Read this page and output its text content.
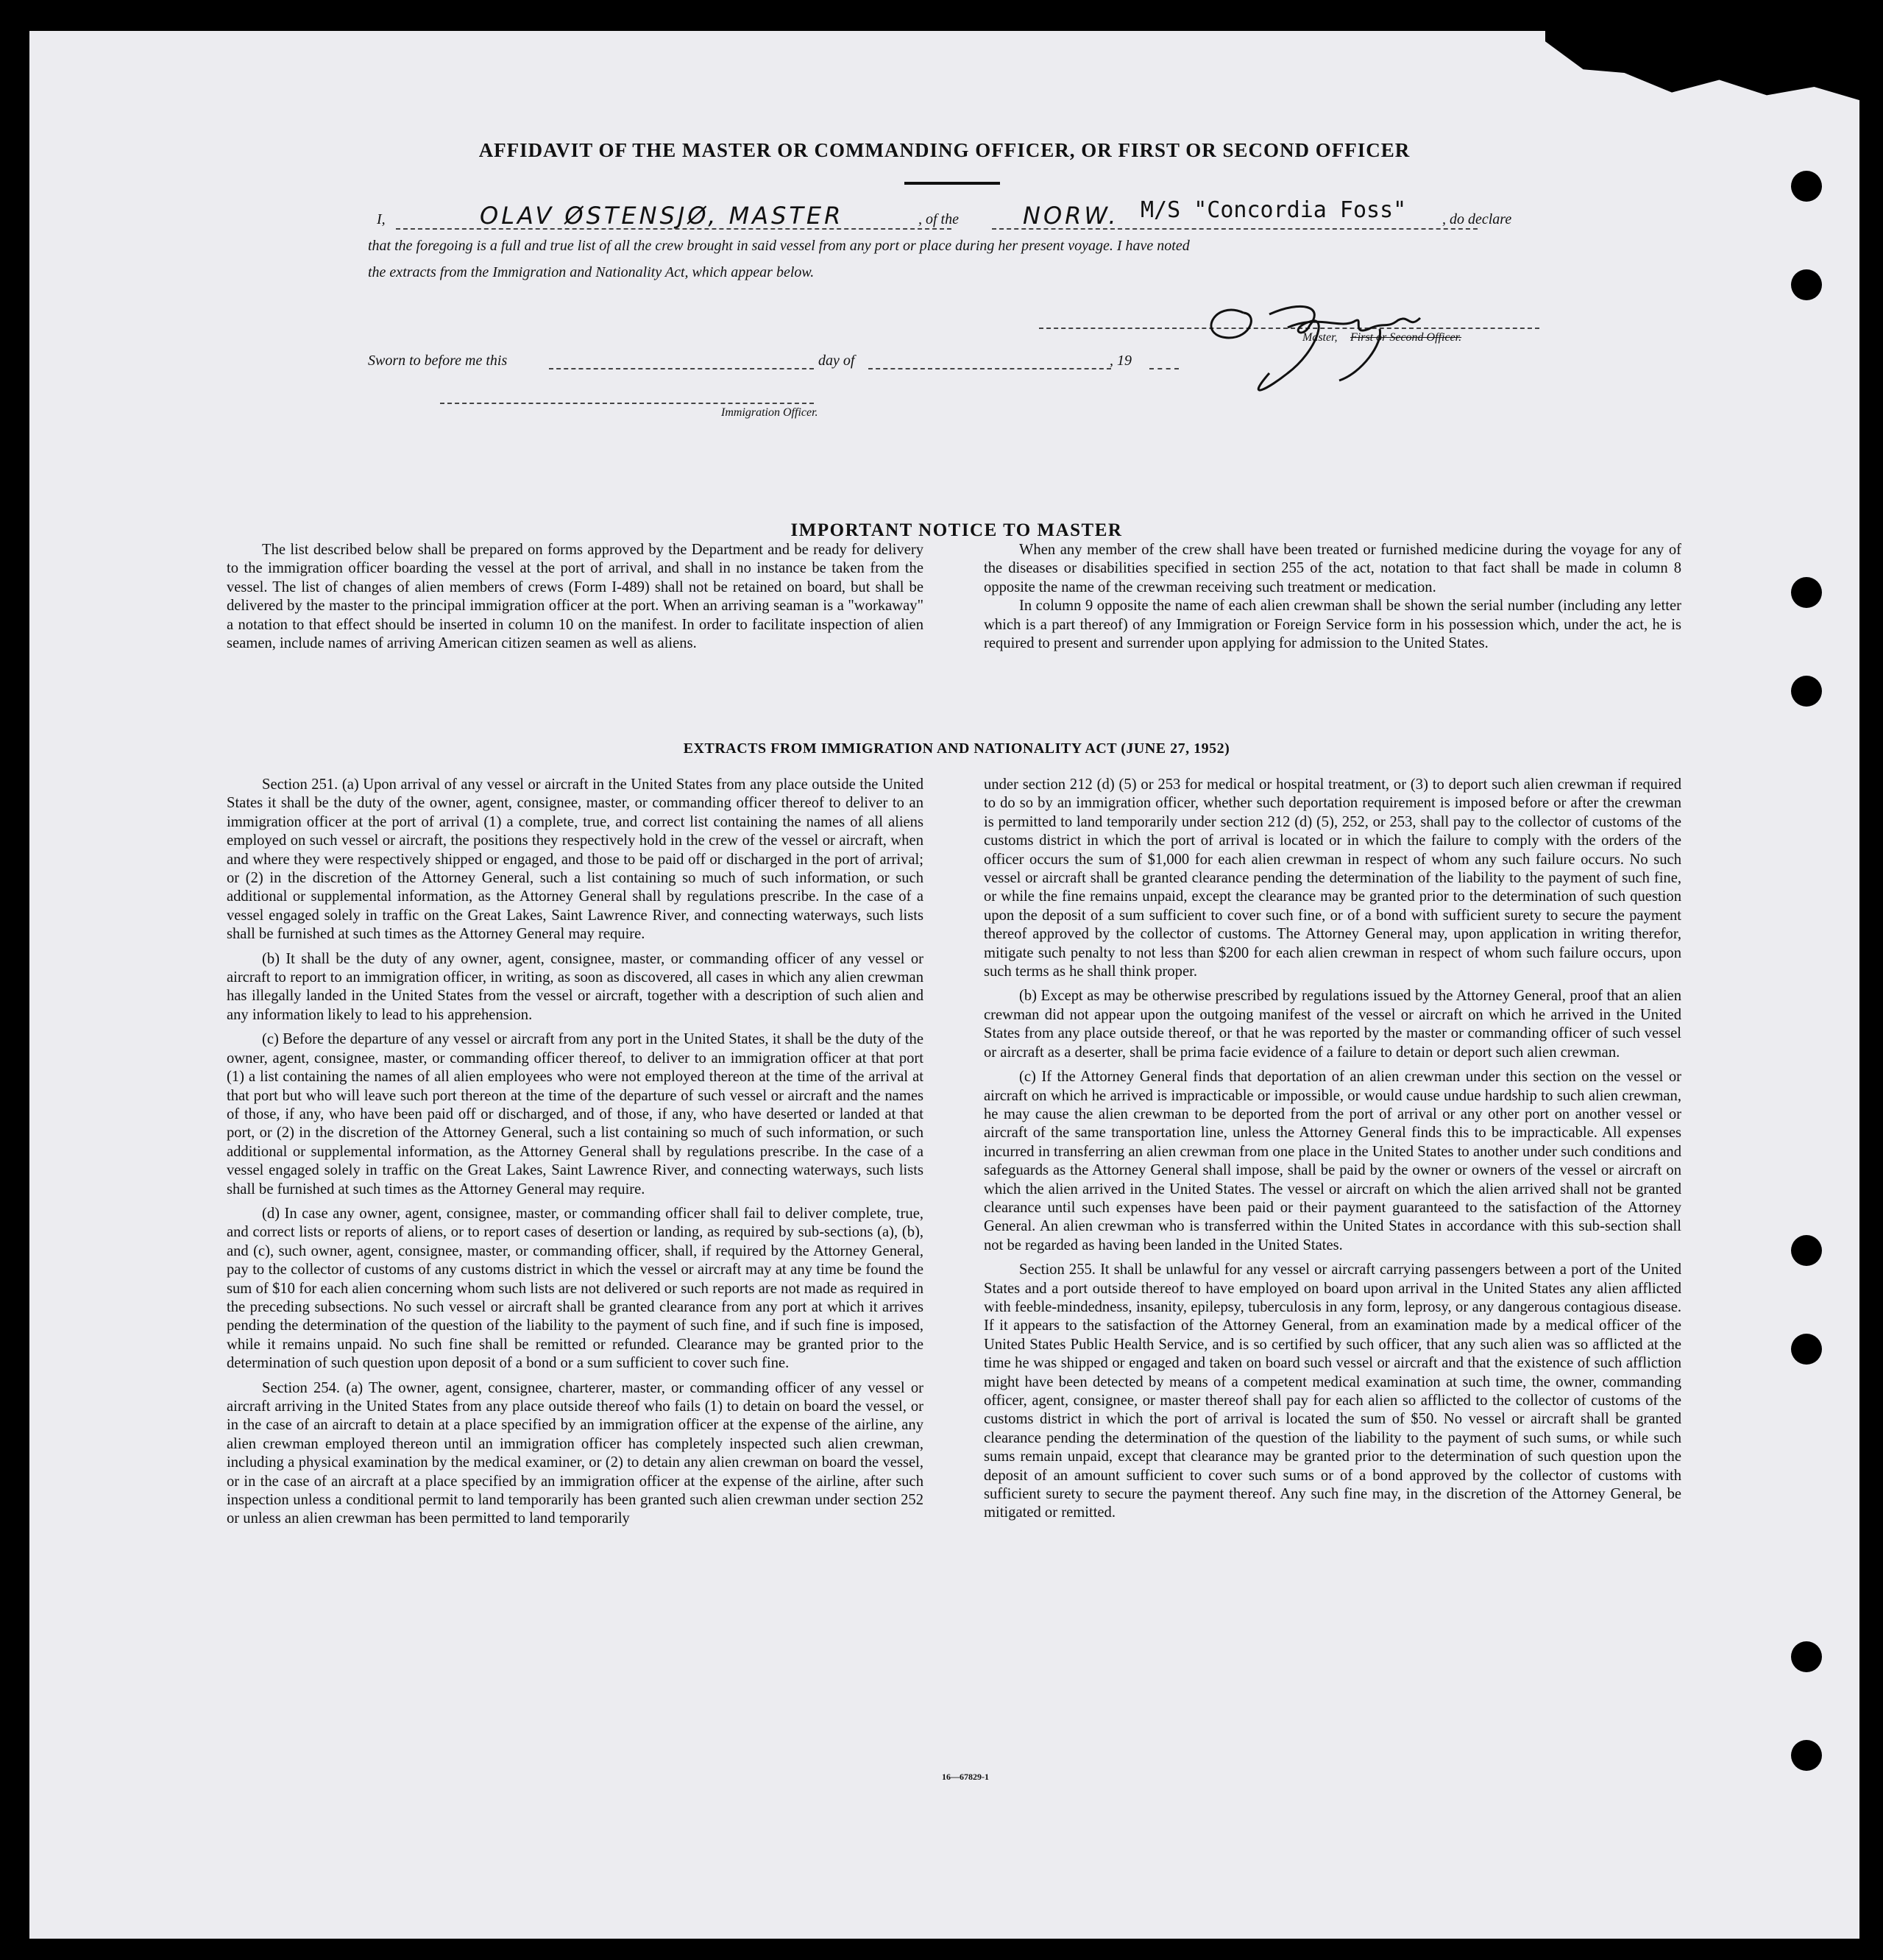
AFFIDAVIT OF THE MASTER OR COMMANDING OFFICER, OR FIRST OR SECOND OFFICER
I,	OLAV ØSTENSJØ, MASTER	, of the	NORW. M/S "Concordia Foss" , do declare
that the foregoing is a full and true list of all the crew brought in said vessel from any port or place during her present voyage. I have noted
the extracts from the Immigration and Nationality Act, which appear below.
Master, First or Second Officer.
Sworn to before me this	day of	, 19
Immigration Officer.
IMPORTANT NOTICE TO MASTER

The list described below shall be prepared on forms approved by the Department and be ready for delivery to the immigration officer boarding the vessel at the port of arrival, and shall in no instance be taken from the vessel. The list of changes of alien members of crews (Form I-489) shall not be retained on board, but shall be delivered by the master to the principal immigration officer at the port. When an arriving seaman is a "workaway" a notation to that effect should be inserted in column 10 on the manifest. In order to facilitate inspection of alien seamen, include names of arriving American citizen seamen as well as aliens.

When any member of the crew shall have been treated or furnished medicine during the voyage for any of the diseases or disabilities specified in section 255 of the act, notation to that fact shall be made in column 8 opposite the name of the crewman receiving such treatment or medication.

In column 9 opposite the name of each alien crewman shall be shown the serial number (including any letter which is a part thereof) of any Immigration or Foreign Service form in his possession which, under the act, he is required to present and surrender upon applying for admission to the United States.

EXTRACTS FROM IMMIGRATION AND NATIONALITY ACT (JUNE 27, 1952)

Section 251. (a) Upon arrival of any vessel or aircraft in the United States from any place outside the United States it shall be the duty of the owner, agent, consignee, master, or commanding officer thereof to deliver to an immigration officer at the port of arrival (1) a complete, true, and correct list containing the names of all aliens employed on such vessel or aircraft, the positions they respectively hold in the crew of the vessel or aircraft, when and where they were respectively shipped or engaged, and those to be paid off or discharged in the port of arrival; or (2) in the discretion of the Attorney General, such a list containing so much of such information, or such additional or supplemental information, as the Attorney General shall by regulations prescribe. In the case of a vessel engaged solely in traffic on the Great Lakes, Saint Lawrence River, and connecting waterways, such lists shall be furnished at such times as the Attorney General may require.

(b) It shall be the duty of any owner, agent, consignee, master, or commanding officer of any vessel or aircraft to report to an immigration officer, in writing, as soon as discovered, all cases in which any alien crewman has illegally landed in the United States from the vessel or aircraft, together with a description of such alien and any information likely to lead to his apprehension.

(c) Before the departure of any vessel or aircraft from any port in the United States, it shall be the duty of the owner, agent, consignee, master, or commanding officer thereof, to deliver to an immigration officer at that port (1) a list containing the names of all alien employees who were not employed thereon at the time of the arrival at that port but who will leave such port thereon at the time of the departure of such vessel or aircraft and the names of those, if any, who have been paid off or discharged, and of those, if any, who have deserted or landed at that port, or (2) in the discretion of the Attorney General, such a list containing so much of such information, or such additional or supplemental information, as the Attorney General shall by regulations prescribe. In the case of a vessel engaged solely in traffic on the Great Lakes, Saint Lawrence River, and connecting waterways, such lists shall be furnished at such times as the Attorney General may require.

(d) In case any owner, agent, consignee, master, or commanding officer shall fail to deliver complete, true, and correct lists or reports of aliens, or to report cases of desertion or landing, as required by sub-sections (a), (b), and (c), such owner, agent, consignee, master, or commanding officer, shall, if required by the Attorney General, pay to the collector of customs of any customs district in which the vessel or aircraft may at any time be found the sum of $10 for each alien concerning whom such lists are not delivered or such reports are not made as required in the preceding subsections. No such vessel or aircraft shall be granted clearance from any port at which it arrives pending the determination of the question of the liability to the payment of such fine, and if such fine is imposed, while it remains unpaid. No such fine shall be remitted or refunded. Clearance may be granted prior to the determination of such question upon deposit of a bond or a sum sufficient to cover such fine.

Section 254. (a) The owner, agent, consignee, charterer, master, or commanding officer of any vessel or aircraft arriving in the United States from any place outside thereof who fails (1) to detain on board the vessel, or in the case of an aircraft to detain at a place specified by an immigration officer at the expense of the airline, any alien crewman employed thereon until an immigration officer has completely inspected such alien crewman, including a physical examination by the medical examiner, or (2) to detain any alien crewman on board the vessel, or in the case of an aircraft at a place specified by an immigration officer at the expense of the airline, after such inspection unless a conditional permit to land temporarily has been granted such alien crewman under section 252 or unless an alien crewman has been permitted to land temporarily

under section 212 (d) (5) or 253 for medical or hospital treatment, or (3) to deport such alien crewman if required to do so by an immigration officer, whether such deportation requirement is imposed before or after the crewman is permitted to land temporarily under section 212 (d) (5), 252, or 253, shall pay to the collector of customs of the customs district in which the port of arrival is located or in which the failure to comply with the orders of the officer occurs the sum of $1,000 for each alien crewman in respect of whom any such failure occurs. No such vessel or aircraft shall be granted clearance pending the determination of the liability to the payment of such fine, or while the fine remains unpaid, except the clearance may be granted prior to the determination of such question upon the deposit of a sum sufficient to cover such fine, or of a bond with sufficient surety to secure the payment thereof approved by the collector of customs. The Attorney General may, upon application in writing therefor, mitigate such penalty to not less than $200 for each alien crewman in respect of whom such failure occurs, upon such terms as he shall think proper.

(b) Except as may be otherwise prescribed by regulations issued by the Attorney General, proof that an alien crewman did not appear upon the outgoing manifest of the vessel or aircraft on which he arrived in the United States from any place outside thereof, or that he was reported by the master or commanding officer of such vessel or aircraft as a deserter, shall be prima facie evidence of a failure to detain or deport such alien crewman.

(c) If the Attorney General finds that deportation of an alien crewman under this section on the vessel or aircraft on which he arrived is impracticable or impossible, or would cause undue hardship to such alien crewman, he may cause the alien crewman to be deported from the port of arrival or any other port on another vessel or aircraft of the same transportation line, unless the Attorney General finds this to be impracticable. All expenses incurred in transferring an alien crewman from one place in the United States to another under such conditions and safeguards as the Attorney General shall impose, shall be paid by the owner or owners of the vessel or aircraft on which the alien arrived in the United States. The vessel or aircraft on which the alien arrived shall not be granted clearance until such expenses have been paid or their payment guaranteed to the satisfaction of the Attorney General. An alien crewman who is transferred within the United States in accordance with this sub-section shall not be regarded as having been landed in the United States.

Section 255. It shall be unlawful for any vessel or aircraft carrying passengers between a port of the United States and a port outside thereof to have employed on board upon arrival in the United States any alien afflicted with feeble-mindedness, insanity, epilepsy, tuberculosis in any form, leprosy, or any dangerous contagious disease. If it appears to the satisfaction of the Attorney General, from an examination made by a medical officer of the United States Public Health Service, and is so certified by such officer, that any such alien was so afflicted at the time he was shipped or engaged and taken on board such vessel or aircraft and that the existence of such affliction might have been detected by means of a competent medical examination at such time, the owner, commanding officer, agent, consignee, or master thereof shall pay for each alien so afflicted to the collector of customs of the customs district in which the port of arrival is located the sum of $50. No vessel or aircraft shall be granted clearance pending the determination of the question of the liability to the payment of such sums, or while such sums remain unpaid, except that clearance may be granted prior to the determination of such question upon the deposit of an amount sufficient to cover such sums or of a bond approved by the collector of customs with sufficient surety to secure the payment thereof. Any such fine may, in the discretion of the Attorney General, be mitigated or remitted.

16—67829-1
